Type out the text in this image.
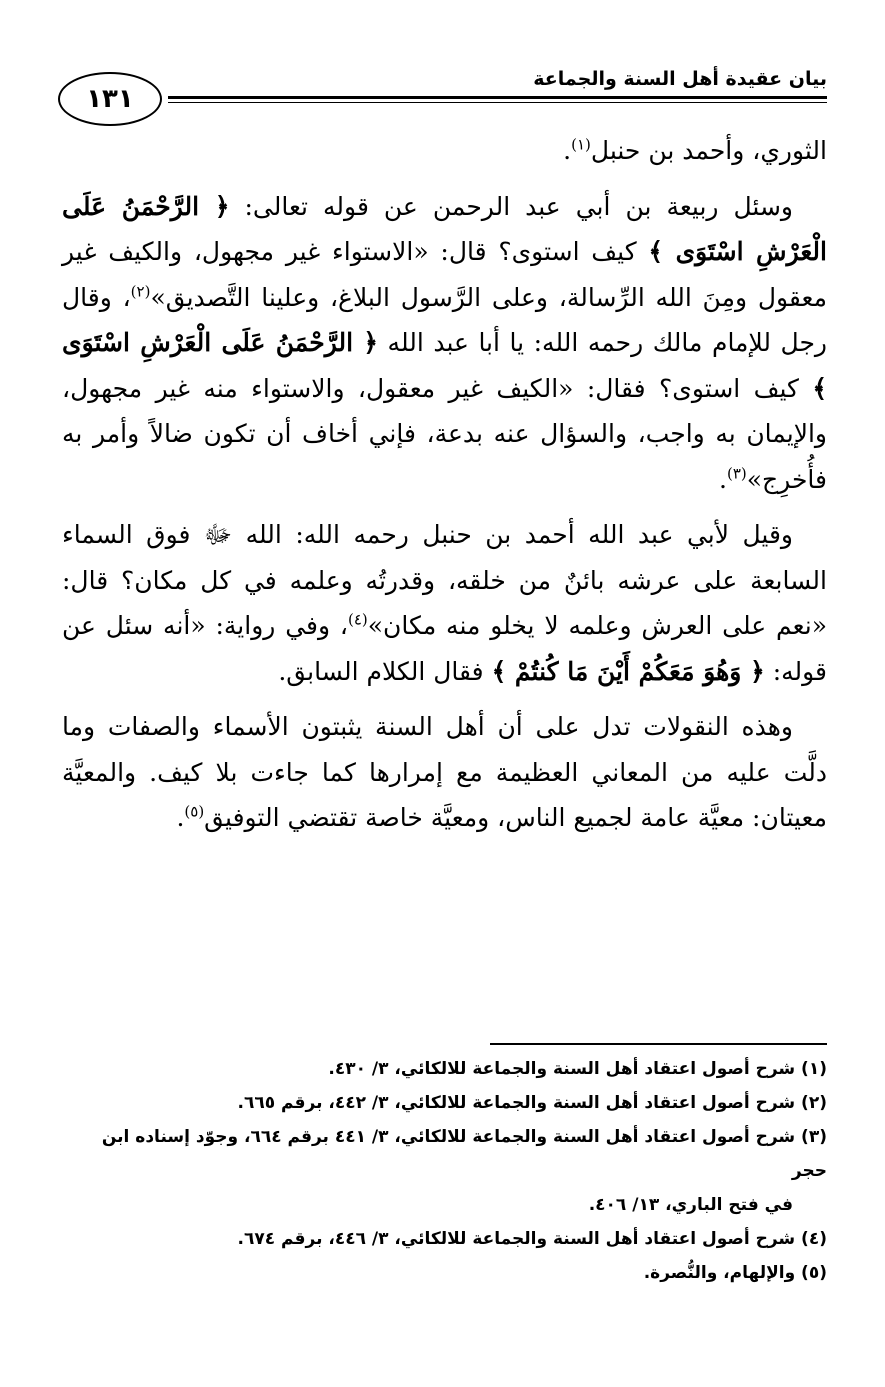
بيان عقيدة أهل السنة والجماعة
١٣١

الثوري، وأحمد بن حنبل$^{(١)}$.

وسئل ربيعة بن أبي عبد الرحمن عن قوله تعالى: ﴿ الرَّحْمَنُ عَلَى الْعَرْشِ اسْتَوَى ﴾ كيف استوى؟ قال: «الاستواء غير مجهول، والكيف غير معقول ومِنَ الله الرِّسالة، وعلى الرَّسول البلاغ، وعلينا التَّصديق»$^{(٢)}$، وقال رجل للإمام مالك رحمه الله: يا أبا عبد الله ﴿ الرَّحْمَنُ عَلَى الْعَرْشِ اسْتَوَى ﴾ كيف استوى؟ فقال: «الكيف غير معقول، والاستواء منه غير مجهول، والإيمان به واجب، والسؤال عنه بدعة، فإني أخاف أن تكون ضالاً وأمر به فأُخرِج»$^{(٣)}$.

وقيل لأبي عبد الله أحمد بن حنبل رحمه الله: الله ﷻ فوق السماء السابعة على عرشه بائنٌ من خلقه، وقدرتُه وعلمه في كل مكان؟ قال: «نعم على العرش وعلمه لا يخلو منه مكان»$^{(٤)}$، وفي رواية: «أنه سئل عن قوله: ﴿ وَهُوَ مَعَكُمْ أَيْنَ مَا كُنتُمْ ﴾ فقال الكلام السابق.

وهذه النقولات تدل على أن أهل السنة يثبتون الأسماء والصفات وما دلَّت عليه من المعاني العظيمة مع إمرارها كما جاءت بلا كيف. والمعيَّة معيتان: معيَّة عامة لجميع الناس، ومعيَّة خاصة تقتضي التوفيق$^{(٥)}$.

(١) شرح أصول اعتقاد أهل السنة والجماعة للالكائي، ٣/ ٤٣٠.

(٢) شرح أصول اعتقاد أهل السنة والجماعة للالكائي، ٣/ ٤٤٢، برقم ٦٦٥.

(٣) شرح أصول اعتقاد أهل السنة والجماعة للالكائي، ٣/ ٤٤١ برقم ٦٦٤، وجوّد إسناده ابن حجر

في فتح الباري، ١٣/ ٤٠٦.

(٤) شرح أصول اعتقاد أهل السنة والجماعة للالكائي، ٣/ ٤٤٦، برقم ٦٧٤.

(٥) والإلهام، والنُّصرة.
